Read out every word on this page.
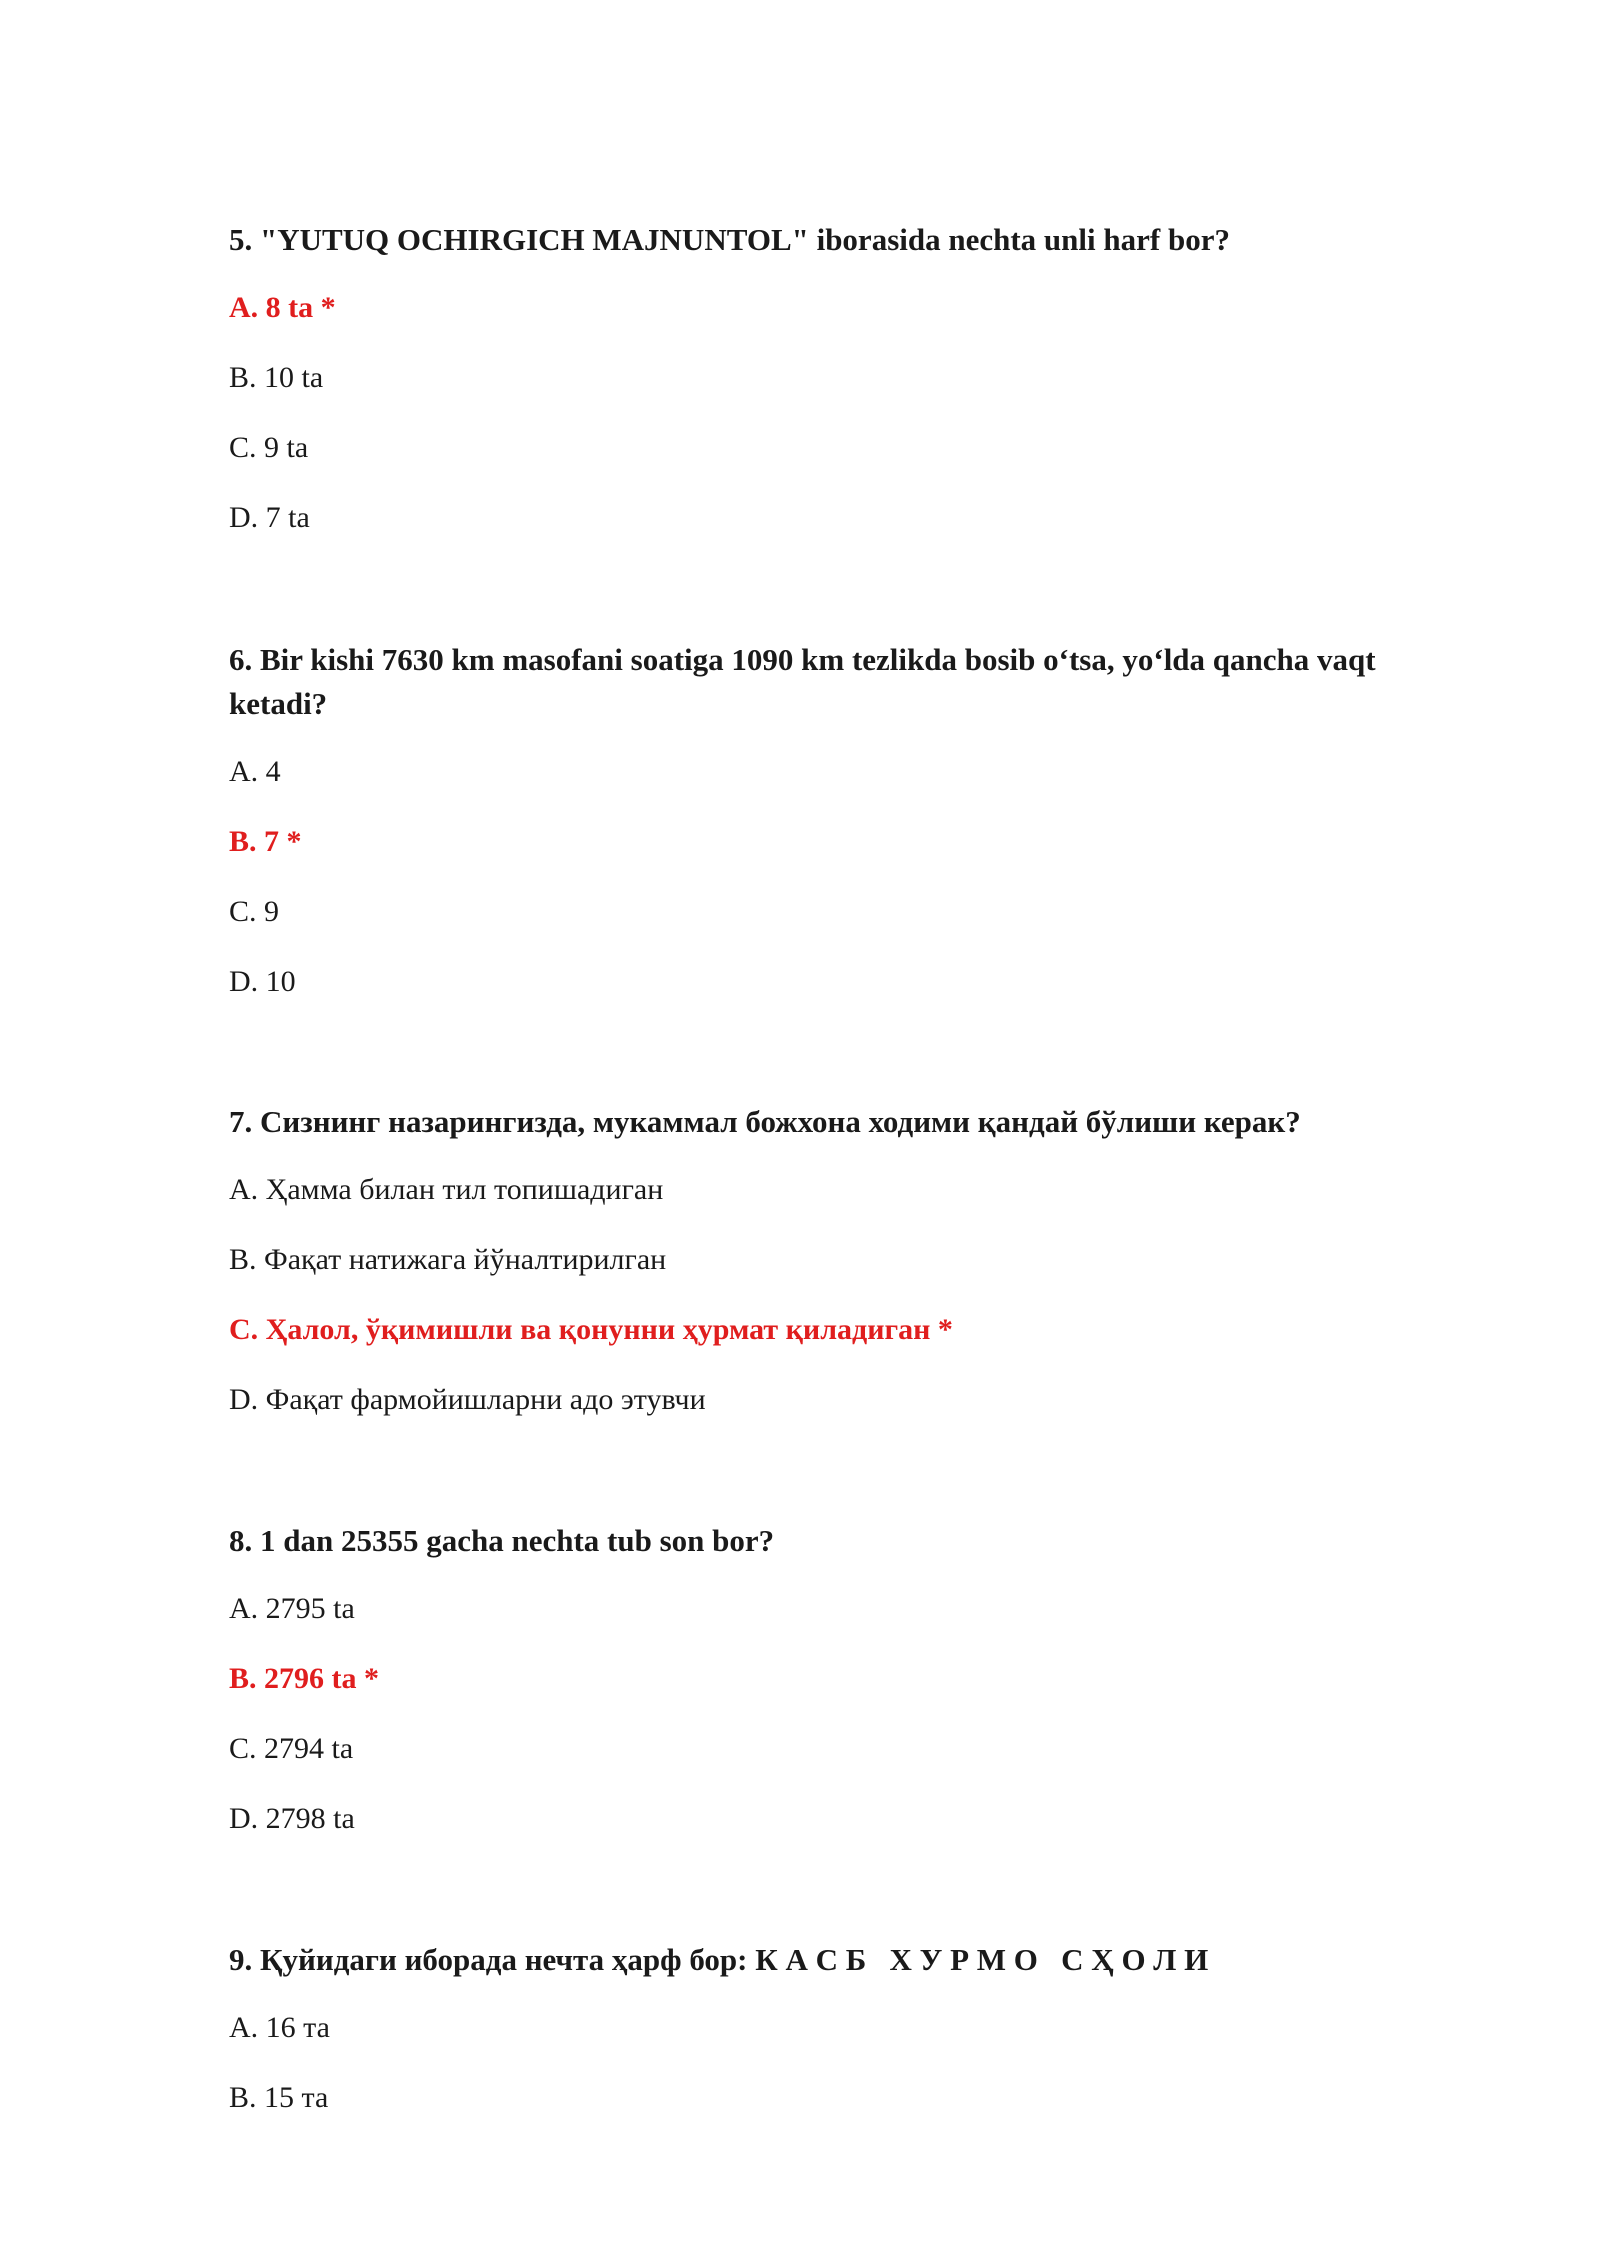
5. "YUTUQ OCHIRGICH MAJNUNTOL" iborasida nechta unli harf bor?

A. 8 ta *

B. 10 ta

C. 9 ta

D. 7 ta

6. Bir kishi 7630 km masofani soatiga 1090 km tezlikda bosib o‘tsa, yo‘lda qancha vaqt ketadi?

A. 4

B. 7 *

C. 9

D. 10

7. Сизнинг назарингизда, мукаммал божхона ходими қандай бўлиши керак?

A. Ҳамма билан тил топишадиган

B. Фақат натижага йўналтирилган

C. Ҳалол, ўқимишли ва қонунни ҳурмат қиладиган *

D. Фақат фармойишларни адо этувчи

8. 1 dan 25355 gacha nechta tub son bor?

A. 2795 ta

B. 2796 ta *

C. 2794 ta

D. 2798 ta

9. Қуйидаги иборада нечта ҳарф бор: К А С Б   Х У Р М О   С Ҳ О Л И

A. 16 та

B. 15 та
